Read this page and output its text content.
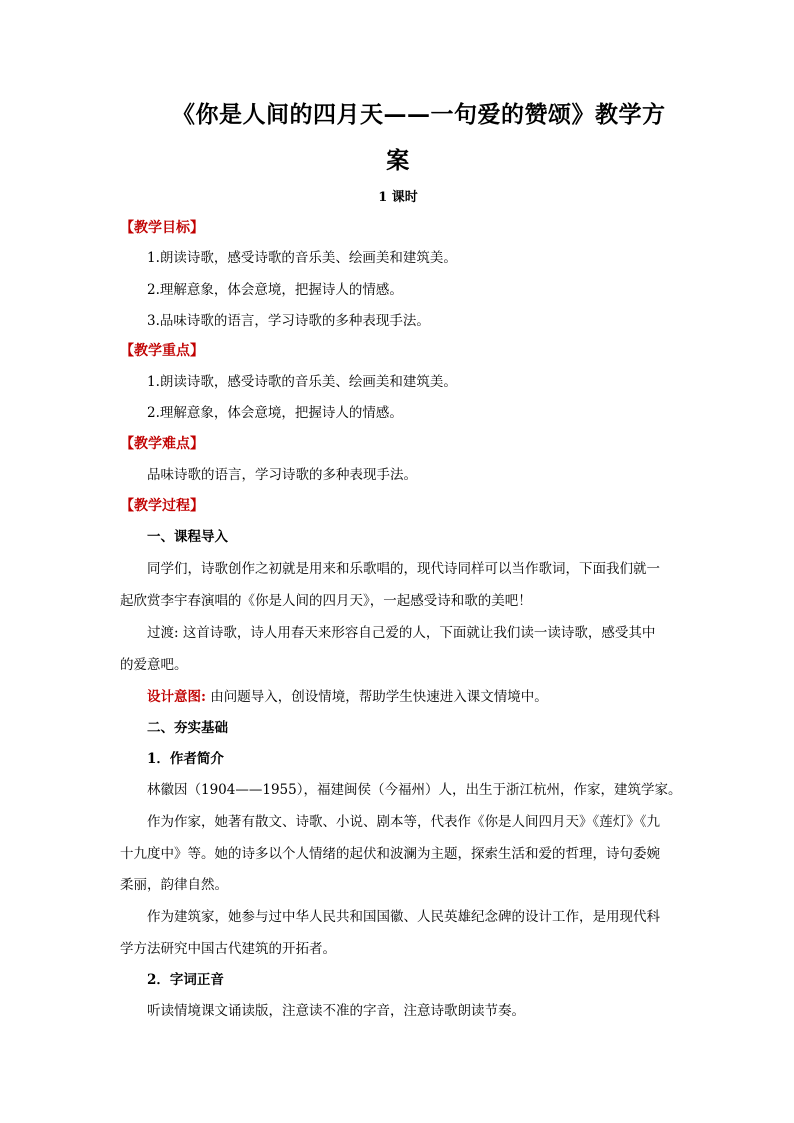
《你是人间的四月天——一句爱的赞颂》教学方
案
1 课时
【教学目标】
1.朗读诗歌，感受诗歌的音乐美、绘画美和建筑美。
2.理解意象，体会意境，把握诗人的情感。
3.品味诗歌的语言，学习诗歌的多种表现手法。
【教学重点】
1.朗读诗歌，感受诗歌的音乐美、绘画美和建筑美。
2.理解意象，体会意境，把握诗人的情感。
【教学难点】
品味诗歌的语言，学习诗歌的多种表现手法。
【教学过程】
一、课程导入
同学们，诗歌创作之初就是用来和乐歌唱的，现代诗同样可以当作歌词，下面我们就一
起欣赏李宇春演唱的《你是人间的四月天》，一起感受诗和歌的美吧！
过渡: 这首诗歌，诗人用春天来形容自己爱的人，下面就让我们读一读诗歌，感受其中
的爱意吧。
设计意图: 由问题导入，创设情境，帮助学生快速进入课文情境中。
二、夯实基础
1．作者简介
林徽因（1904——1955），福建闽侯（今福州）人，出生于浙江杭州，作家，建筑学家。
作为作家，她著有散文、诗歌、小说、剧本等，代表作《你是人间四月天》《莲灯》《九
十九度中》等。她的诗多以个人情绪的起伏和波澜为主题，探索生活和爱的哲理，诗句委婉
柔丽，韵律自然。
作为建筑家，她参与过中华人民共和国国徽、人民英雄纪念碑的设计工作，是用现代科
学方法研究中国古代建筑的开拓者。
2．字词正音
听读情境课文诵读版，注意读不准的字音，注意诗歌朗读节奏。
